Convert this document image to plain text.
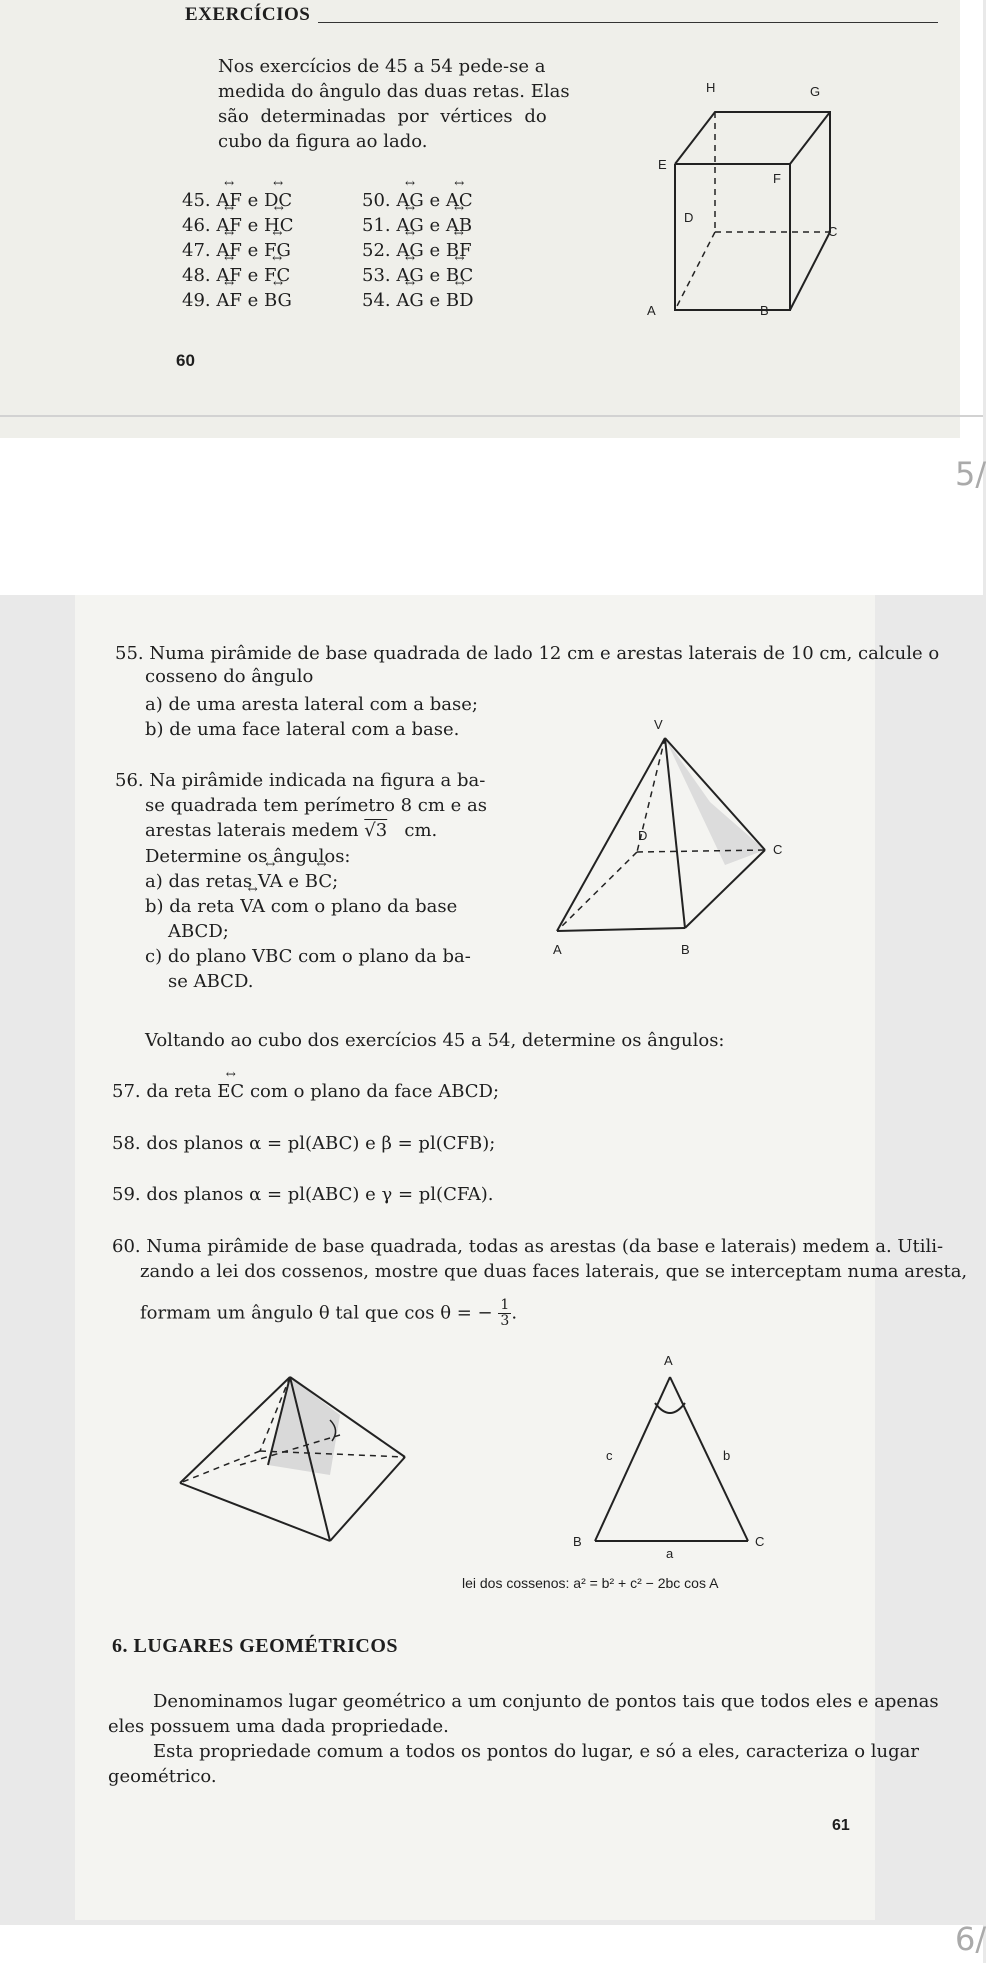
EXERCÍCIOS
Nos exercícios de 45 a 54 pede-se a
medida do ângulo das duas retas. Elas
são determinadas por vértices do
cubo da figura ao lado.
45. ↔ AF e ↔ DC
46. ↔ AF e ↔ HC
47. ↔ AF e ↔ FG
48. ↔ AF e ↔ FC
49. ↔ AF e ↔ BG
50. ↔ AG e ↔ AC
51. ↔ AG e ↔ AB
52. ↔ AG e ↔ BF
53. ↔ AG e ↔ BC
54. ↔ AG e ↔ BD
H	G
E
F
D
C
A	B
60
5/
55. Numa pirâmide de base quadrada de lado 12 cm e arestas laterais de 10 cm, calcule o
cosseno do ângulo
a) de uma aresta lateral com a base;
b) de uma face lateral com a base.
56. Na pirâmide indicada na figura a ba-
se quadrada tem perímetro 8 cm e as
arestas laterais medem √3 cm.
Determine os ângulos:
a) das retas ↔ VA e ↔ BC;
b) da reta ↔ VA com o plano da base
ABCD;
c) do plano VBC com o plano da ba-
se ABCD.
V
D
C
A	B
Voltando ao cubo dos exercícios 45 a 54, determine os ângulos:
57. da reta ↔ EC com o plano da face ABCD;
58. dos planos α = pl(ABC) e β = pl(CFB);
59. dos planos α = pl(ABC) e γ = pl(CFA).
60. Numa pirâmide de base quadrada, todas as arestas (da base e laterais) medem a. Utili-
zando a lei dos cossenos, mostre que duas faces laterais, que se interceptam numa aresta,
formam um ângulo θ tal que cos θ = − $\frac{1}{3}$ .
A
c	b
B	C
a
lei dos cossenos: a² = b² + c² − 2bc cos A
6. LUGARES GEOMÉTRICOS
Denominamos lugar geométrico a um conjunto de pontos tais que todos eles e apenas
eles possuem uma dada propriedade.
Esta propriedade comum a todos os pontos do lugar, e só a eles, caracteriza o lugar
geométrico.
61
6/
